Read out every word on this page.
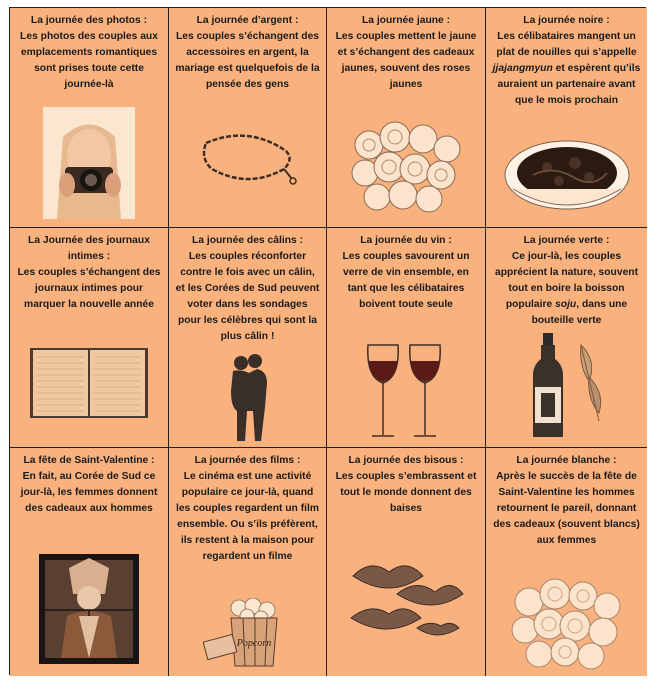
La journée des photos :
Les photos des couples aux emplacements romantiques sont prises toute cette journée-là
La journée d’argent :
Les couples s’échangent des accessoires en argent, la mariage est quelquefois de la pensée des gens
La journée jaune :
Les couples mettent le jaune et s’échangent des cadeaux jaunes, souvent des roses jaunes
La journée noire :
Les célibataires mangent un plat de nouilles qui s’appelle jjajangmyun et espèrent qu’ils auraient un partenaire avant que le mois prochain
La Journée des journaux intimes :
Les couples s’échangent des journaux intimes pour marquer la nouvelle année
La journée des câlins :
Les couples réconforter contre le fois avec un câlin, et les Corées de Sud peuvent voter dans les sondages pour les célèbres qui sont la plus câlin !
La journée du vin :
Les couples savourent un verre de vin ensemble, en tant que les célibataires boivent toute seule
La journée verte :
Ce jour-là, les couples apprécient la nature, souvent tout en boire la boisson populaire soju, dans une bouteille verte
La fête de Saint-Valentine :
En fait, au Corée de Sud ce jour-là, les femmes donnent des cadeaux aux hommes
La journée des films :
Le cinéma est une activité populaire ce jour-là, quand les couples regardent un film ensemble. Ou s’ils préfèrent, ils restent à la maison pour regardent un filme
Popcorn
La journée des bisous :
Les couples s’embrassent et tout le monde donnent des baises
La journée blanche :
Après le succès de la fête de Saint-Valentine les hommes retournent le pareil, donnant des cadeaux (souvent blancs) aux femmes
